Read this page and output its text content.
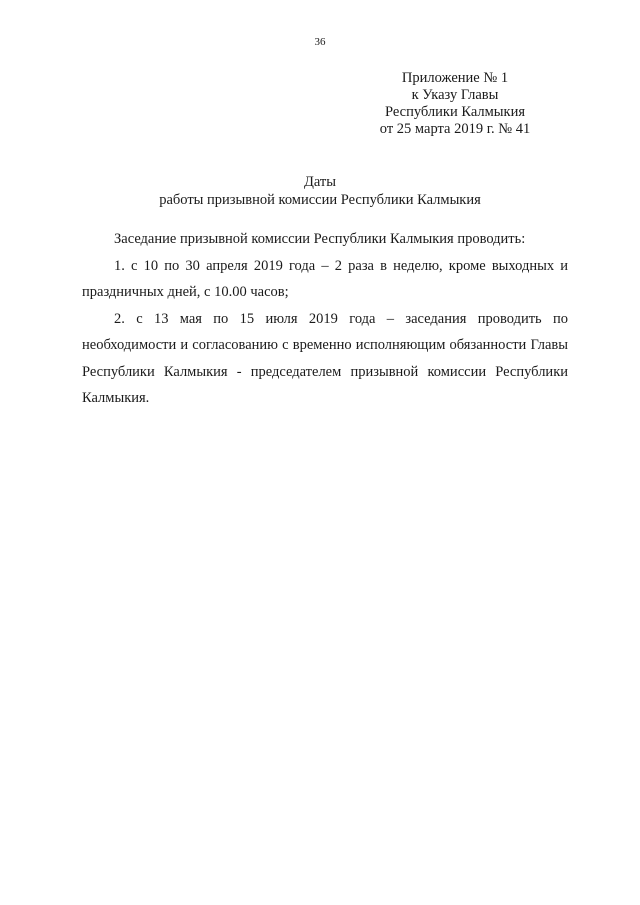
36
Приложение № 1
к Указу Главы
Республики Калмыкия
от 25 марта 2019 г. № 41
Даты
работы призывной комиссии Республики Калмыкия

Заседание призывной комиссии Республики Калмыкия проводить:

1. с 10 по 30 апреля 2019 года – 2 раза в неделю, кроме выходных и праздничных дней, с 10.00 часов;

2. с 13 мая по 15 июля 2019 года – заседания проводить по необходимости и согласованию с временно исполняющим обязанности Главы Республики Калмыкия - председателем призывной комиссии Республики Калмыкия.
